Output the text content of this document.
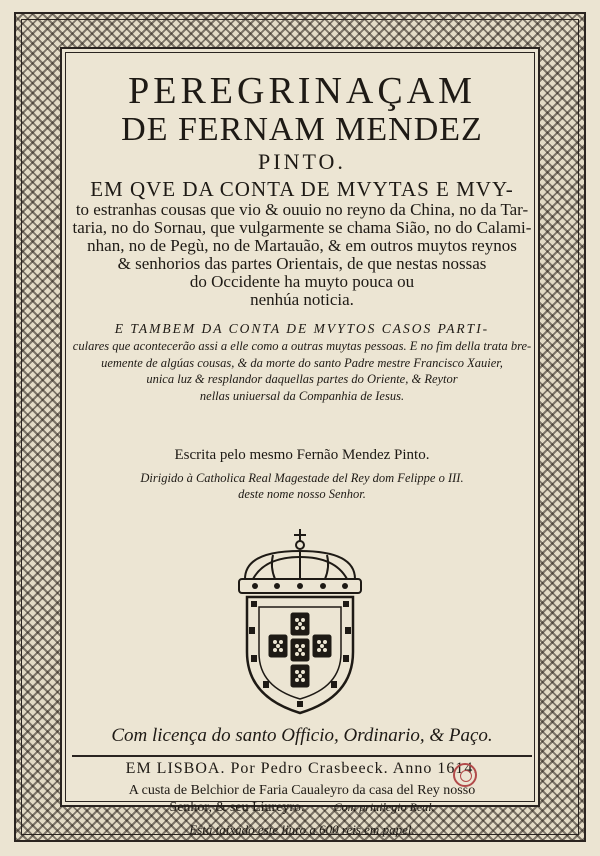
PEREGRINAÇAM
DE FERNAM MENDEZ
PINTO.
EM QVE DA CONTA DE MVYTAS E MVY-
to estranhas cousas que vio & ouuio no reyno da China, no da Tar-
taria, no do Sornau, que vulgarmente se chama Sião, no do Calami-
nhan, no de Pegù, no de Martauão, & em outros muytos reynos
& senhorios das partes Orientais, de que nestas nossas
do Occidente ha muyto pouca ou
nenhúa noticia.
E TAMBEM DA CONTA DE MVYTOS CASOS PARTI-
culares que acontecerão assi a elle como a outras muytas pessoas. E no fim della trata bre-
uemente de algúas cousas, & da morte do santo Padre mestre Francisco Xauier,
unica luz & resplandor daquellas partes do Oriente, & Reytor
nellas uniuersal da Companhia de Iesus.
Escrita pelo mesmo Fernão Mendez Pinto.
Dirigido à Catholica Real Magestade del Rey dom Felippe o III.
deste nome nosso Senhor.
Com licença do santo Officio, Ordinario, & Paço.
EM LISBOA. Por Pedro Crasbeeck. Anno 1614.
A custa de Belchior de Faria Caualeyro da casa del Rey nosso
Senhor, & seu Liureyro. Com priuilegio Real.
Està taixado este liuro a 600 reis em papel.
